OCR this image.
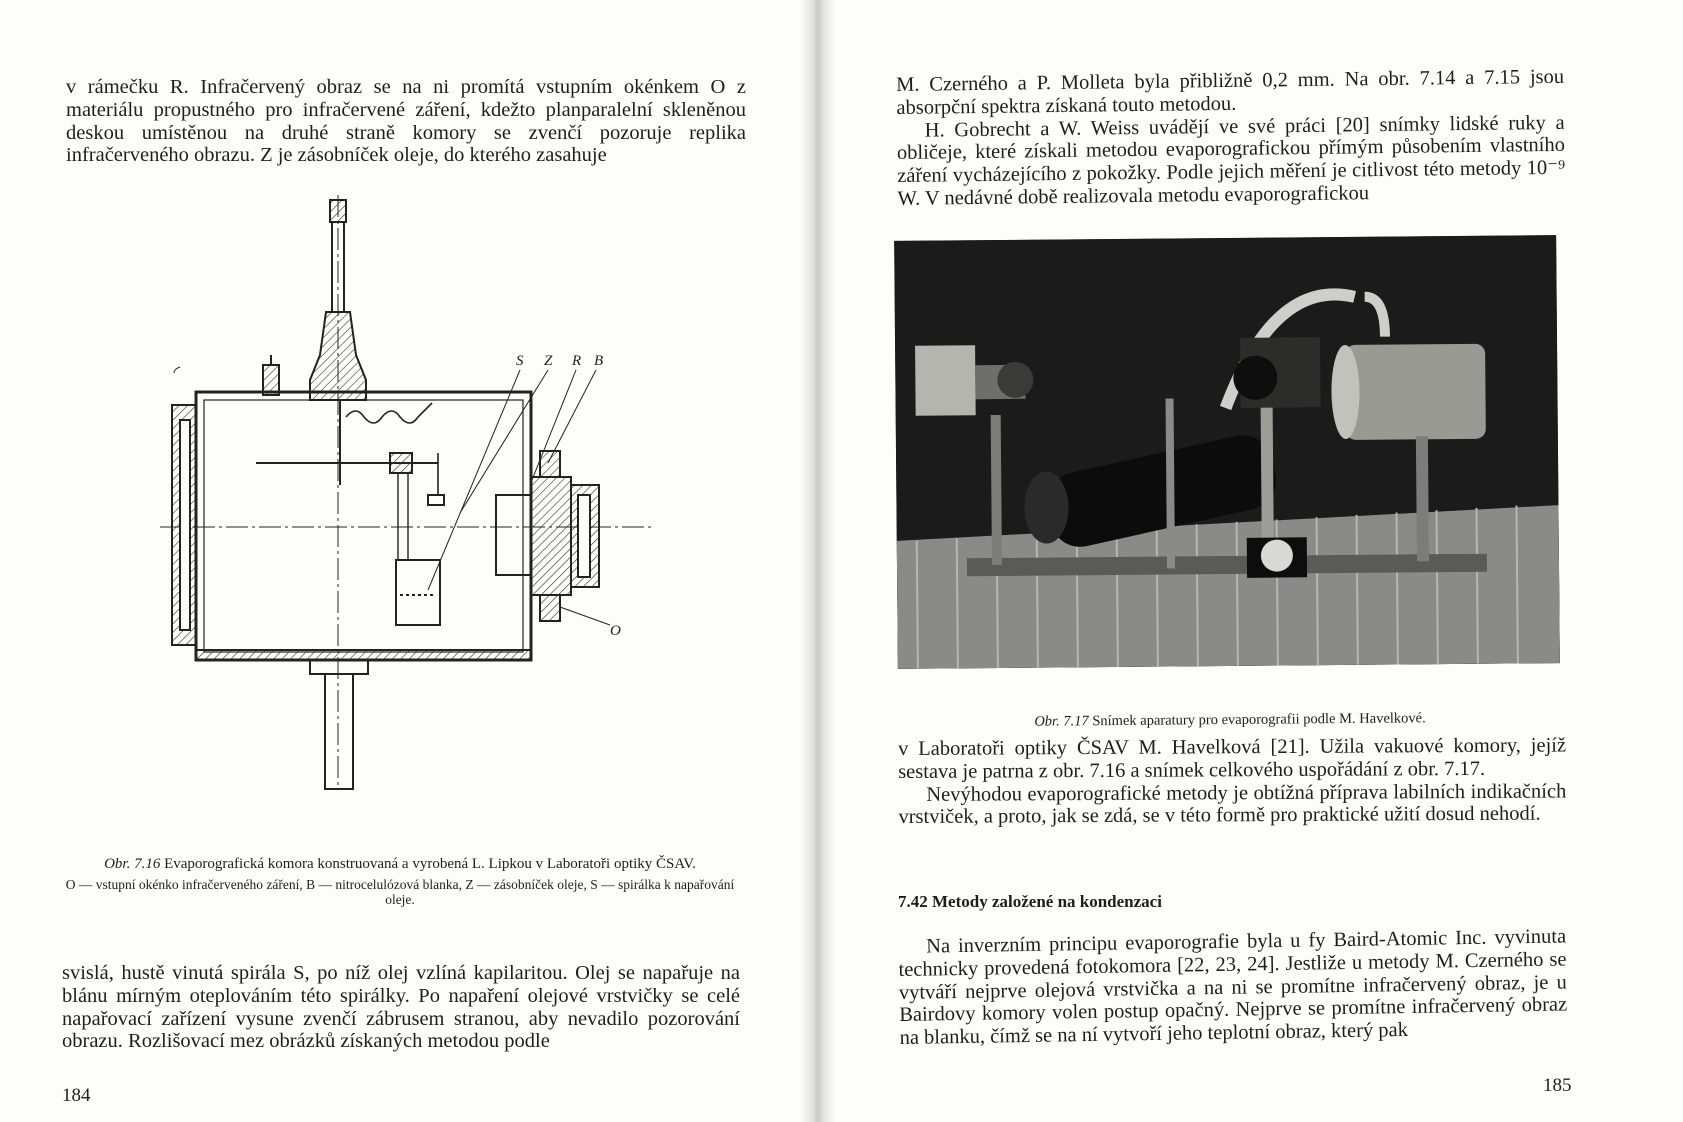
v rámečku R. Infračervený obraz se na ni promítá vstupním okénkem O z materiálu propustného pro infračervené záření, kdežto planparalelní skleněnou deskou umístěnou na druhé straně komory se zvenčí pozoruje replika infračerveného obrazu. Z je zásobníček oleje, do kterého zasahuje

S Z R B
O

Obr. 7.16 Evaporografická komora konstruovaná a vyrobená L. Lipkou v Laboratoři optiky ČSAV.

O — vstupní okénko infračerveného záření, B — nitrocelulózová blanka, Z — zásobníček oleje, S — spirálka k napařování oleje.

svislá, hustě vinutá spirála S, po níž olej vzlíná kapilaritou. Olej se napařuje na blánu mírným oteplováním této spirálky. Po napaření olejové vrstvičky se celé napařovací zařízení vysune zvenčí zábrusem stranou, aby nevadilo pozorování obrazu. Rozlišovací mez obrázků získaných metodou podle

184

M. Czerného a P. Molleta byla přibližně 0,2 mm. Na obr. 7.14 a 7.15 jsou absorpční spektra získaná touto metodou.

H. Gobrecht a W. Weiss uvádějí ve své práci [20] snímky lidské ruky a obličeje, které získali metodou evaporografickou přímým působením vlastního záření vycházejícího z pokožky. Podle jejich měření je citlivost této metody 10⁻⁹ W. V nedávné době realizovala metodu evaporografickou

Obr. 7.17 Snímek aparatury pro evaporografii podle M. Havelkové.

v Laboratoři optiky ČSAV M. Havelková [21]. Užila vakuové komory, jejíž sestava je patrna z obr. 7.16 a snímek celkového uspořádání z obr. 7.17.

Nevýhodou evaporografické metody je obtížná příprava labilních indikačních vrstviček, a proto, jak se zdá, se v této formě pro praktické užití dosud nehodí.

7.42 Metody založené na kondenzaci

Na inverzním principu evaporografie byla u fy Baird-Atomic Inc. vyvinuta technicky provedená fotokomora [22, 23, 24]. Jestliže u metody M. Czerného se vytváří nejprve olejová vrstvička a na ni se promítne infračervený obraz, je u Bairdovy komory volen postup opačný. Nejprve se promítne infračervený obraz na blanku, čímž se na ní vytvoří jeho teplotní obraz, který pak

185
